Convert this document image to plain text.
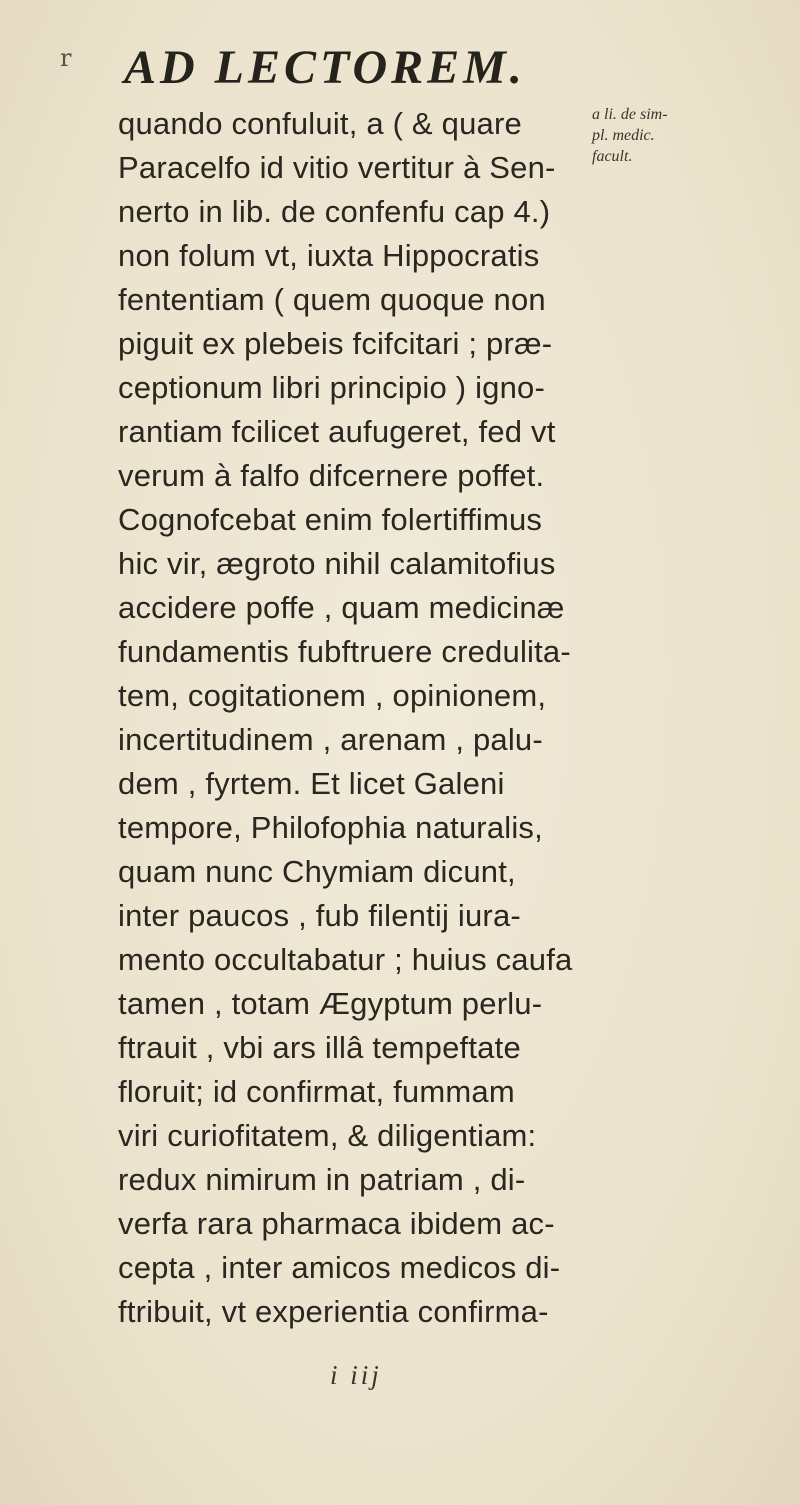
r AD LECTOREM.
quando confuluit, a ( & quare
Paracelfo id vitio vertitur à Sen-
nerto in lib. de confenfu cap 4.)
non folum vt, iuxta Hippocratis
fententiam ( quem quoque non
piguit ex plebeis fcifcitari ; præ-
ceptionum libri principio ) igno-
rantiam fcilicet aufugeret, fed vt
verum à falfo difcernere poffet.
Cognofcebat enim folertiffimus
hic vir, ægroto nihil calamitofius
accidere poffe , quam medicinæ
fundamentis fubftruere credulita-
tem, cogitationem , opinionem,
incertitudinem , arenam , palu-
dem , fyrtem. Et licet Galeni
tempore, Philofophia naturalis,
quam nunc Chymiam dicunt,
inter paucos , fub filentij iura-
mento occultabatur ; huius caufa
tamen , totam Ægyptum perlu-
ftrauit , vbi ars illâ tempeftate
floruit; id confirmat, fummam
viri curiofitatem, & diligentiam:
redux nimirum in patriam , di-
verfa rara pharmaca ibidem ac-
cepta , inter amicos medicos di-
ftribuit, vt experientia confirma-
a li. de sim-
pl. medic.
facult.
i iij
